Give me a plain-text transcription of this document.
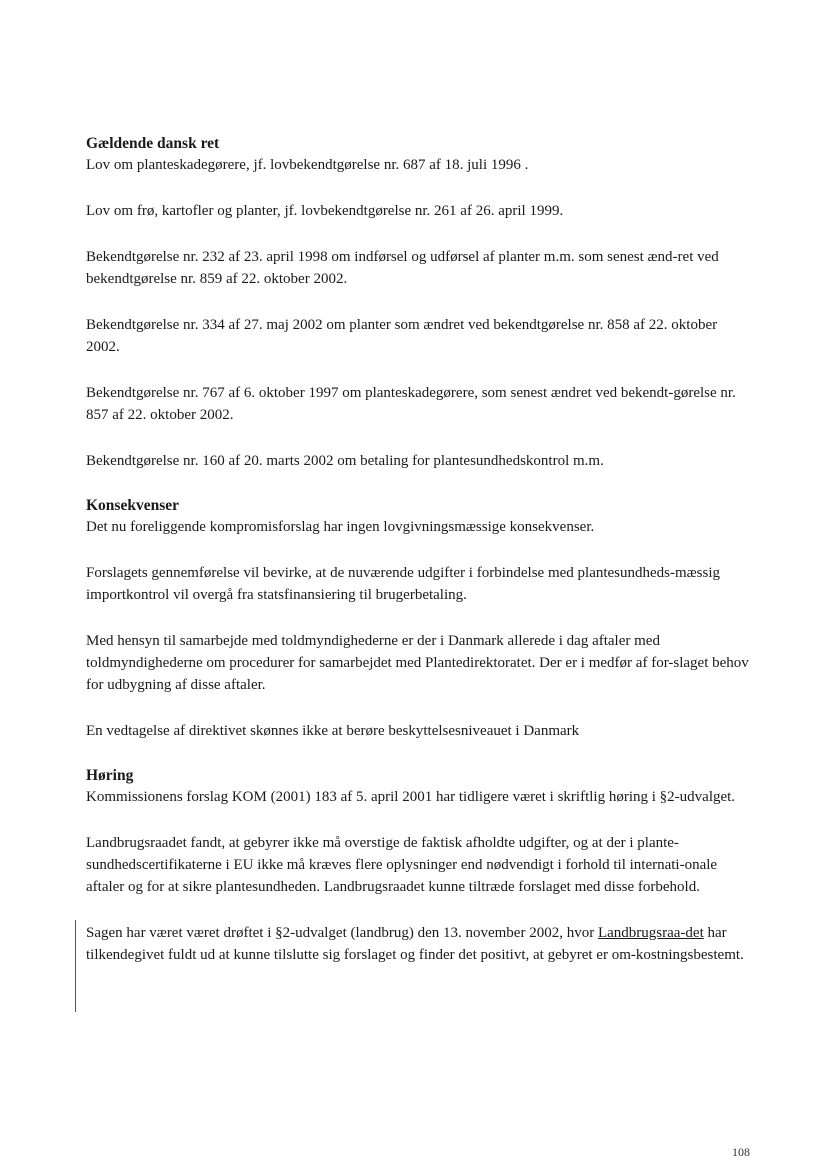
Gældende dansk ret

Lov om planteskadegørere, jf. lovbekendtgørelse nr. 687 af 18. juli 1996 .

Lov om frø, kartofler og planter, jf. lovbekendtgørelse nr. 261 af 26. april 1999.

Bekendtgørelse nr. 232 af 23. april 1998 om indførsel og udførsel af planter m.m. som senest ænd-ret ved bekendtgørelse nr. 859 af 22. oktober 2002.

Bekendtgørelse nr. 334 af 27. maj 2002 om planter som ændret ved bekendtgørelse nr. 858 af 22. oktober 2002.

Bekendtgørelse nr. 767 af 6. oktober 1997 om planteskadegørere, som senest ændret ved bekendt-gørelse nr. 857 af 22. oktober 2002.

Bekendtgørelse nr. 160 af 20. marts 2002 om betaling for plantesundhedskontrol m.m.

Konsekvenser

Det nu foreliggende kompromisforslag har ingen lovgivningsmæssige konsekvenser.

Forslagets gennemførelse vil bevirke, at de nuværende udgifter i forbindelse med plantesundheds-mæssig importkontrol vil overgå fra statsfinansiering til brugerbetaling.

Med hensyn til samarbejde med toldmyndighederne er der i Danmark allerede i dag aftaler med toldmyndighederne om procedurer for samarbejdet med Plantedirektoratet. Der er i medfør af for-slaget behov for udbygning af disse aftaler.

En vedtagelse af direktivet skønnes ikke at berøre beskyttelsesniveauet i Danmark

Høring

Kommissionens forslag KOM (2001) 183 af 5. april 2001 har tidligere været i skriftlig høring i §2-udvalget.

Landbrugsraadet fandt, at gebyrer ikke må overstige de faktisk afholdte udgifter, og at der i plante-sundhedscertifikaterne i EU ikke må kræves flere oplysninger end nødvendigt i forhold til internati-onale aftaler og for at sikre plantesundheden. Landbrugsraadet kunne tiltræde forslaget med disse forbehold.

Sagen har været været drøftet i §2-udvalget (landbrug) den 13. november 2002, hvor Landbrugsraa-det har tilkendegivet fuldt ud at kunne tilslutte sig forslaget og finder det positivt, at gebyret er om-kostningsbestemt.

108
